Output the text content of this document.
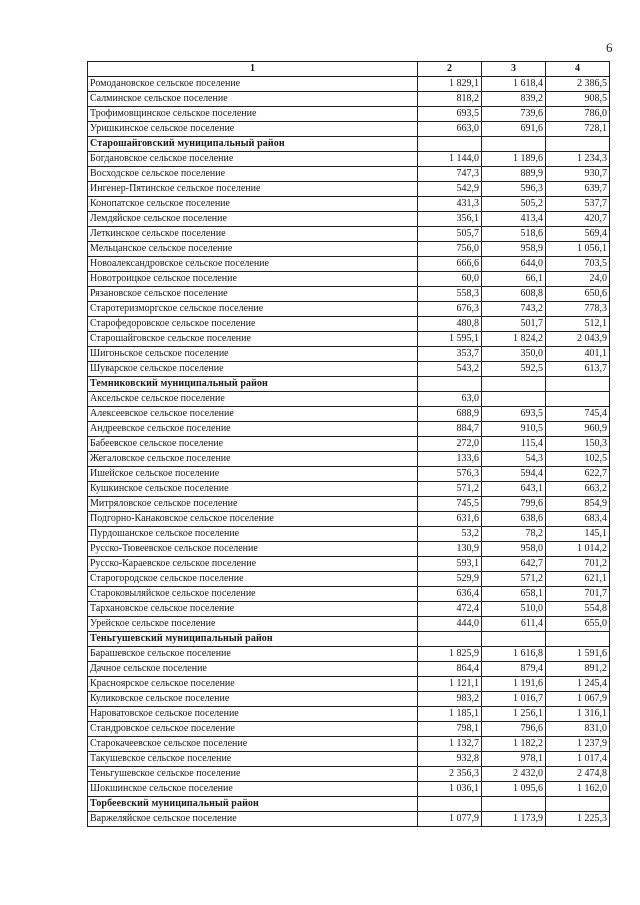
6
1	2	3	4
Ромодановское сельское поселение	1 829,1	1 618,4	2 386,5
Салминское сельское поселение	818,2	839,2	908,5
Трофимовщинское сельское поселение	693,5	739,6	786,0
Уришкинское сельское поселение	663,0	691,6	728,1
Старошайговский муниципальный район			
Богдановское сельское поселение	1 144,0	1 189,6	1 234,3
Восходское сельское поселение	747,3	889,9	930,7
Ингенер-Пятинское сельское поселение	542,9	596,3	639,7
Конопатское сельское поселение	431,3	505,2	537,7
Лемдяйское сельское поселение	356,1	413,4	420,7
Леткинское сельское поселение	505,7	518,6	569,4
Мельцанское сельское поселение	756,0	958,9	1 056,1
Новоалександровское сельское поселение	666,6	644,0	703,5
Новотроицкое сельское поселение	60,0	66,1	24,0
Рязановское сельское поселение	558,3	608,8	650,6
Старотеризморгское сельское поселение	676,3	743,2	778,3
Старофедоровское сельское поселение	480,8	501,7	512,1
Старошайговское сельское поселение	1 595,1	1 824,2	2 043,9
Шигоньское сельское поселение	353,7	350,0	401,1
Шуварское сельское поселение	543,2	592,5	613,7
Темниковский муниципальный район			
Аксельское сельское поселение	63,0		
Алексеевское сельское поселение	688,9	693,5	745,4
Андреевское сельское поселение	884,7	910,5	960,9
Бабеевское сельское поселение	272,0	115,4	150,3
Жегаловское сельское поселение	133,6	54,3	102,5
Ишейское сельское поселение	576,3	594,4	622,7
Кушкинское сельское поселение	571,2	643,1	663,2
Митряловское сельское поселение	745,5	799,6	854,9
Подгорно-Канаковское сельское поселение	631,6	638,6	683,4
Пурдошанское сельское поселение	53,2	78,2	145,1
Русско-Тювеевское сельское поселение	130,9	958,0	1 014,2
Русско-Караевское сельское поселение	593,1	642,7	701,2
Старогородское сельское поселение	529,9	571,2	621,1
Староковыляйское сельское поселение	636,4	658,1	701,7
Тархановское сельское поселение	472,4	510,0	554,8
Урейское сельское поселение	444,0	611,4	655,0
Теньгушевский муниципальный район			
Барашевское сельское поселение	1 825,9	1 616,8	1 591,6
Дачное сельское поселение	864,4	879,4	891,2
Красноярское сельское поселение	1 121,1	1 191,6	1 245,4
Куликовское сельское поселение	983,2	1 016,7	1 067,9
Нароватовское сельское поселение	1 185,1	1 256,1	1 316,1
Стандровское сельское поселение	798,1	796,6	831,0
Старокачеевское сельское поселение	1 132,7	1 182,2	1 237,9
Такушевское сельское поселение	932,8	978,1	1 017,4
Теньгушевское сельское поселение	2 356,3	2 432,0	2 474,8
Шокшинское сельское поселение	1 036,1	1 095,6	1 162,0
Торбеевский муниципальный район			
Варжеляйское сельское поселение	1 077,9	1 173,9	1 225,3
